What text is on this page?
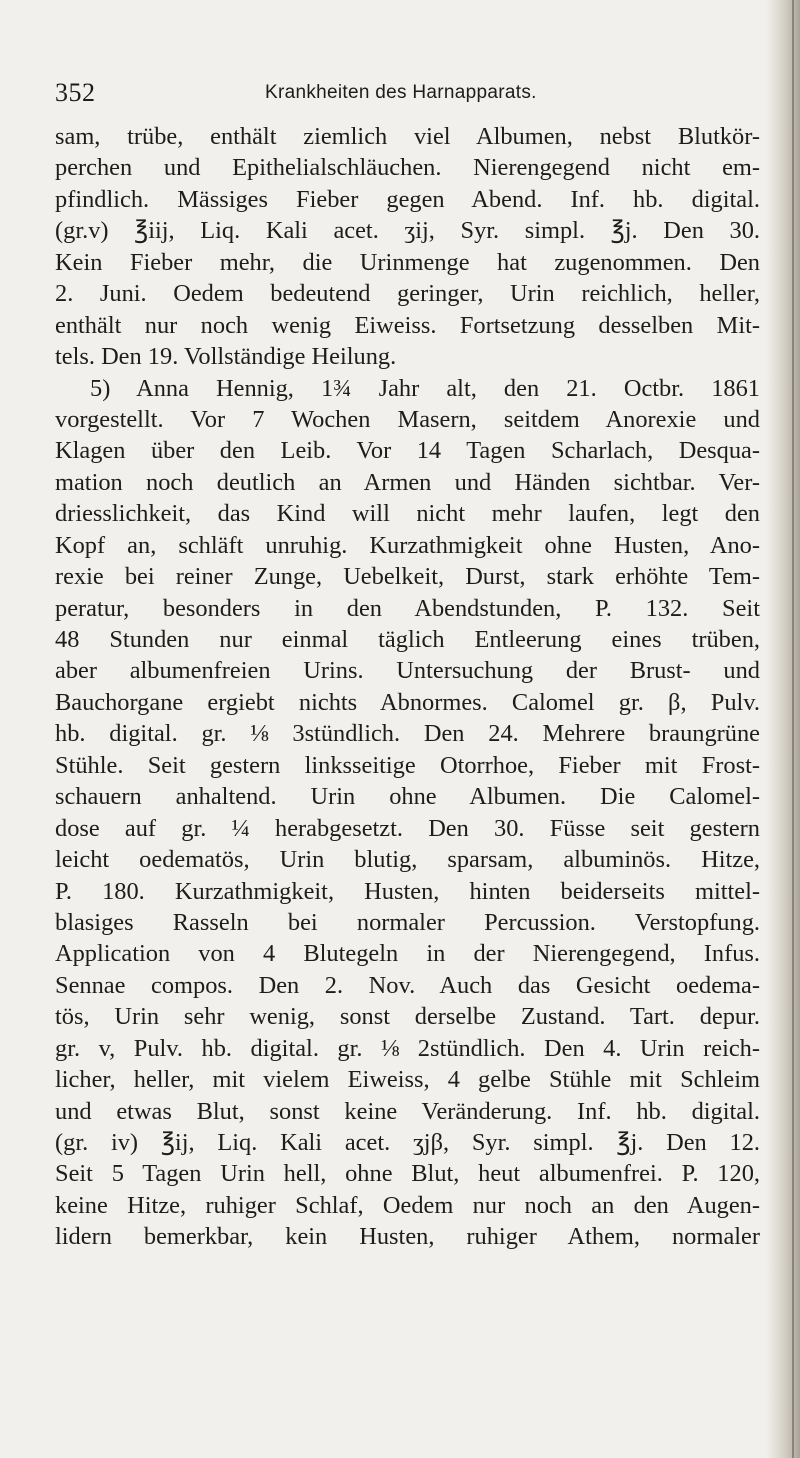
352	Krankheiten des Harnapparats.
sam, trübe, enthält ziemlich viel Albumen, nebst Blutkör-
perchen und Epithelialschläuchen. Nierengegend nicht em-
pfindlich. Mässiges Fieber gegen Abend. Inf. hb. digital.
(gr.v) ℥iij, Liq. Kali acet. ʒij, Syr. simpl. ℥j. Den 30.
Kein Fieber mehr, die Urinmenge hat zugenommen. Den
2. Juni. Oedem bedeutend geringer, Urin reichlich, heller,
enthält nur noch wenig Eiweiss. Fortsetzung desselben Mit-
tels. Den 19. Vollständige Heilung.
5) Anna Hennig, 1¾ Jahr alt, den 21. Octbr. 1861
vorgestellt. Vor 7 Wochen Masern, seitdem Anorexie und
Klagen über den Leib. Vor 14 Tagen Scharlach, Desqua-
mation noch deutlich an Armen und Händen sichtbar. Ver-
driesslichkeit, das Kind will nicht mehr laufen, legt den
Kopf an, schläft unruhig. Kurzathmigkeit ohne Husten, Ano-
rexie bei reiner Zunge, Uebelkeit, Durst, stark erhöhte Tem-
peratur, besonders in den Abendstunden, P. 132. Seit
48 Stunden nur einmal täglich Entleerung eines trüben,
aber albumenfreien Urins. Untersuchung der Brust- und
Bauchorgane ergiebt nichts Abnormes. Calomel gr. β, Pulv.
hb. digital. gr. ⅛ 3stündlich. Den 24. Mehrere braungrüne
Stühle. Seit gestern linksseitige Otorrhoe, Fieber mit Frost-
schauern anhaltend. Urin ohne Albumen. Die Calomel-
dose auf gr. ¼ herabgesetzt. Den 30. Füsse seit gestern
leicht oedematös, Urin blutig, sparsam, albuminös. Hitze,
P. 180. Kurzathmigkeit, Husten, hinten beiderseits mittel-
blasiges Rasseln bei normaler Percussion. Verstopfung.
Application von 4 Blutegeln in der Nierengegend, Infus.
Sennae compos. Den 2. Nov. Auch das Gesicht oedema-
tös, Urin sehr wenig, sonst derselbe Zustand. Tart. depur.
gr. v, Pulv. hb. digital. gr. ⅛ 2stündlich. Den 4. Urin reich-
licher, heller, mit vielem Eiweiss, 4 gelbe Stühle mit Schleim
und etwas Blut, sonst keine Veränderung. Inf. hb. digital.
(gr. iv) ℥ij, Liq. Kali acet. ʒjβ, Syr. simpl. ℥j. Den 12.
Seit 5 Tagen Urin hell, ohne Blut, heut albumenfrei. P. 120,
keine Hitze, ruhiger Schlaf, Oedem nur noch an den Augen-
lidern bemerkbar, kein Husten, ruhiger Athem, normaler
